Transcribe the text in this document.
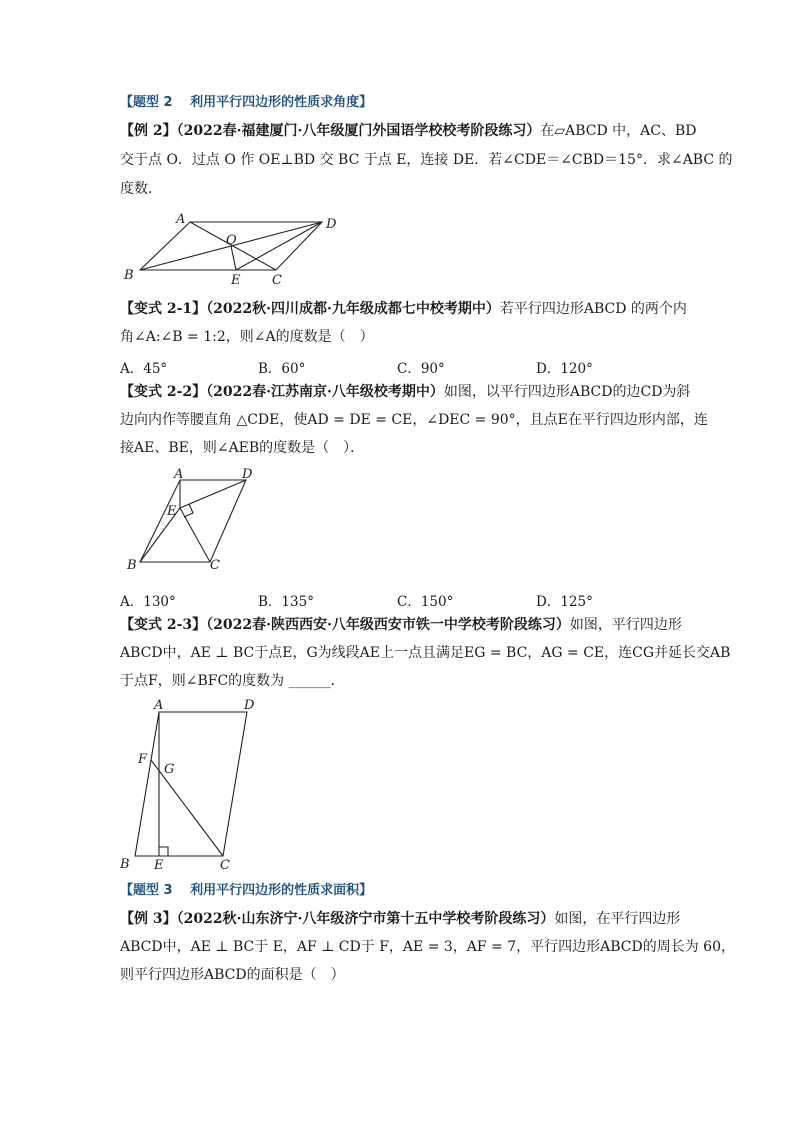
【题型 2　 利用平行四边形的性质求角度】
【例 2】（2022春·福建厦门·八年级厦门外国语学校校考阶段练习）在▱ABCD 中，AC、BD
交于点 O．过点 O 作 OE⊥BD 交 BC 于点 E，连接 DE．若∠CDE＝∠CBD＝15°．求∠ABC 的
度数．
A	D
O
B	E C
【变式 2-1】（2022秋·四川成都·九年级成都七中校考期中）若平行四边形ABCD 的两个内
角∠A:∠B = 1:2，则∠A的度数是（　）
A．45°	B．60°	C．90°	D．120°
【变式 2-2】（2022春·江苏南京·八年级校考期中）如图，以平行四边形ABCD的边CD为斜
边向内作等腰直角 △CDE，使AD = DE = CE，∠DEC = 90°，且点E在平行四边形内部，连
接AE、BE，则∠AEB的度数是（　）．
A	D
E
B	C
A．130°	B．135°	C．150°	D．125°
【变式 2-3】（2022春·陕西西安·八年级西安市铁一中学校考阶段练习）如图，平行四边形
ABCD中，AE ⊥ BC于点E，G为线段AE上一点且满足EG = BC，AG = CE，连CG并延长交AB
于点F，则∠BFC的度数为 ______．
A	D
F
G
B E	C
【题型 3　 利用平行四边形的性质求面积】
【例 3】（2022秋·山东济宁·八年级济宁市第十五中学校考阶段练习）如图，在平行四边形
ABCD中，AE ⊥ BC于 E，AF ⊥ CD于 F，AE = 3，AF = 7，平行四边形ABCD的周长为 60，
则平行四边形ABCD的面积是（　）
